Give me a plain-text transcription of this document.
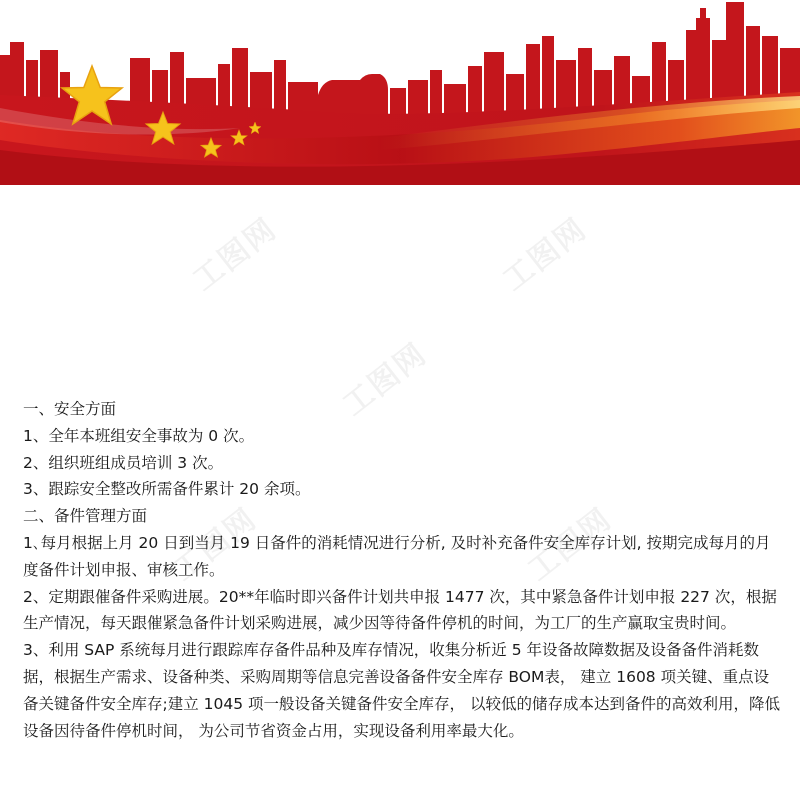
工图网	工图网
工图网
工图网	工图网

一、安全方面

1、全年本班组安全事故为 0 次。

2、组织班组成员培训 3 次。

3、跟踪安全整改所需备件累计 20 余项。

二、备件管理方面

1､每月根据上月 20 日到当月 19 日备件的消耗情况进行分析, 及时补充备件安全库存计划, 按期完成每月的月度备件计划申报、审核工作。

2、定期跟催备件采购进展。20**年临时即兴备件计划共申报 1477 次，其中紧急备件计划申报 227 次，根据生产情况，每天跟催紧急备件计划采购进展，减少因等待备件停机的时间，为工厂的生产赢取宝贵时间。

3、利用 SAP 系统每月进行跟踪库存备件品种及库存情况，收集分析近 5 年设备故障数据及设备备件消耗数据，根据生产需求、设备种类、采购周期等信息完善设备备件安全库存 BOM表， 建立 1608 项关键、重点设备关键备件安全库存;建立 1045 项一般设备关键备件安全库存， 以较低的储存成本达到备件的高效利用，降低设备因待备件停机时间， 为公司节省资金占用，实现设备利用率最大化。
